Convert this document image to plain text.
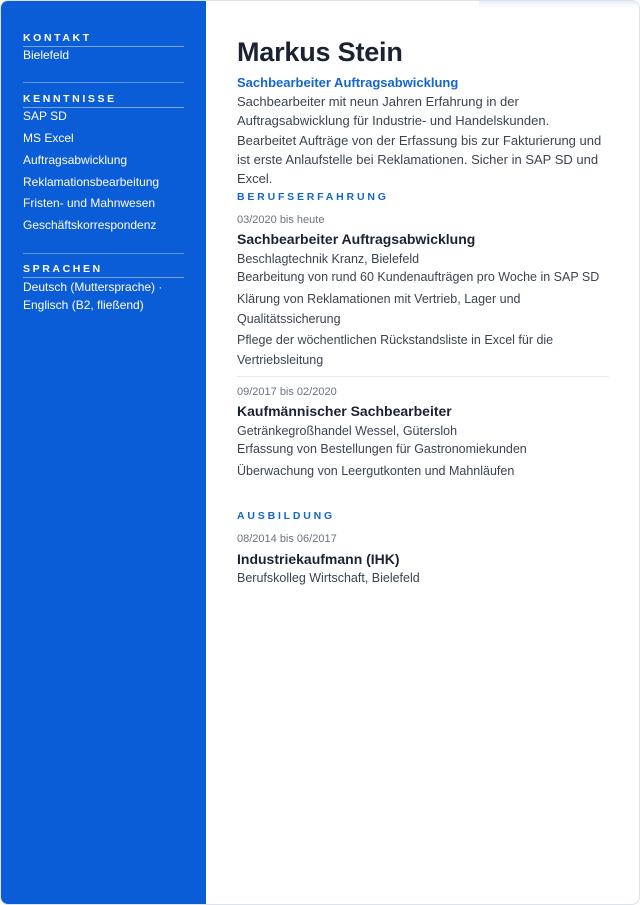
KONTAKT
Bielefeld
KENNTNISSE
SAP SD
MS Excel
Auftragsabwicklung
Reklamationsbearbeitung
Fristen- und Mahnwesen
Geschäftskorrespondenz
SPRACHEN
Deutsch (Muttersprache) ·
Englisch (B2, fließend)
Markus Stein
Sachbearbeiter Auftragsabwicklung
Sachbearbeiter mit neun Jahren Erfahrung in der Auftragsabwicklung für Industrie- und Handelskunden. Bearbeitet Aufträge von der Erfassung bis zur Fakturierung und ist erste Anlaufstelle bei Reklamationen. Sicher in SAP SD und Excel.
BERUFSERFAHRUNG
03/2020 bis heute
Sachbearbeiter Auftragsabwicklung
Beschlagtechnik Kranz, Bielefeld
Bearbeitung von rund 60 Kundenaufträgen pro Woche in SAP SD
Klärung von Reklamationen mit Vertrieb, Lager und Qualitätssicherung
Pflege der wöchentlichen Rückstandsliste in Excel für die Vertriebsleitung
09/2017 bis 02/2020
Kaufmännischer Sachbearbeiter
Getränkegroßhandel Wessel, Gütersloh
Erfassung von Bestellungen für Gastronomiekunden
Überwachung von Leergutkonten und Mahnläufen
AUSBILDUNG
08/2014 bis 06/2017
Industriekaufmann (IHK)
Berufskolleg Wirtschaft, Bielefeld
